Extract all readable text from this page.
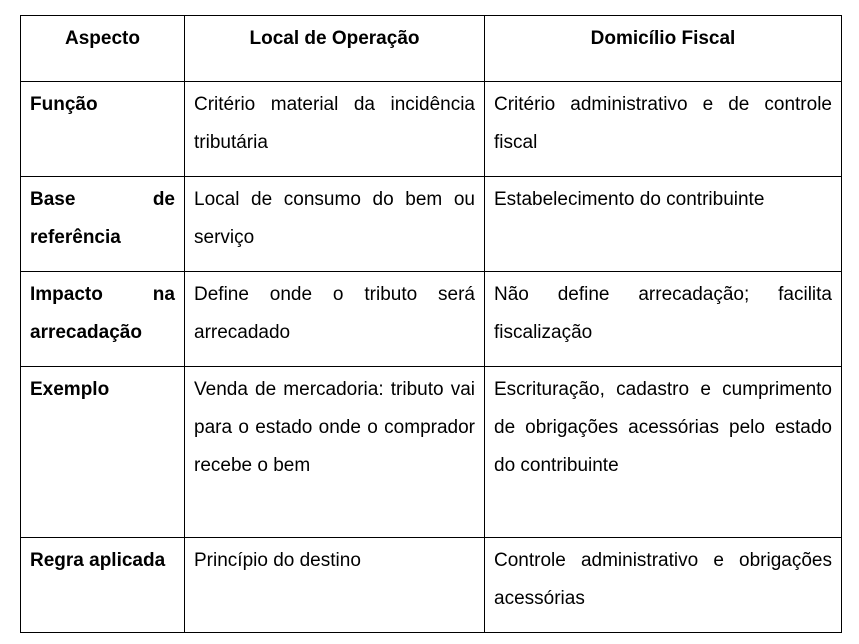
Aspecto	Local de Operação	Domicílio Fiscal
Função	Critério material da incidência tributária	Critério administrativo e de controle fiscal
Base de referência	Local de consumo do bem ou serviço	Estabelecimento do contribuinte
Impacto na arrecadação	Define onde o tributo será arrecadado	Não define arrecadação; facilita fiscalização
Exemplo	Venda de mercadoria: tributo vai para o estado onde o comprador recebe o bem	Escrituração, cadastro e cumprimento de obrigações acessórias pelo estado do contribuinte
Regra aplicada	Princípio do destino	Controle administrativo e obrigações acessórias
